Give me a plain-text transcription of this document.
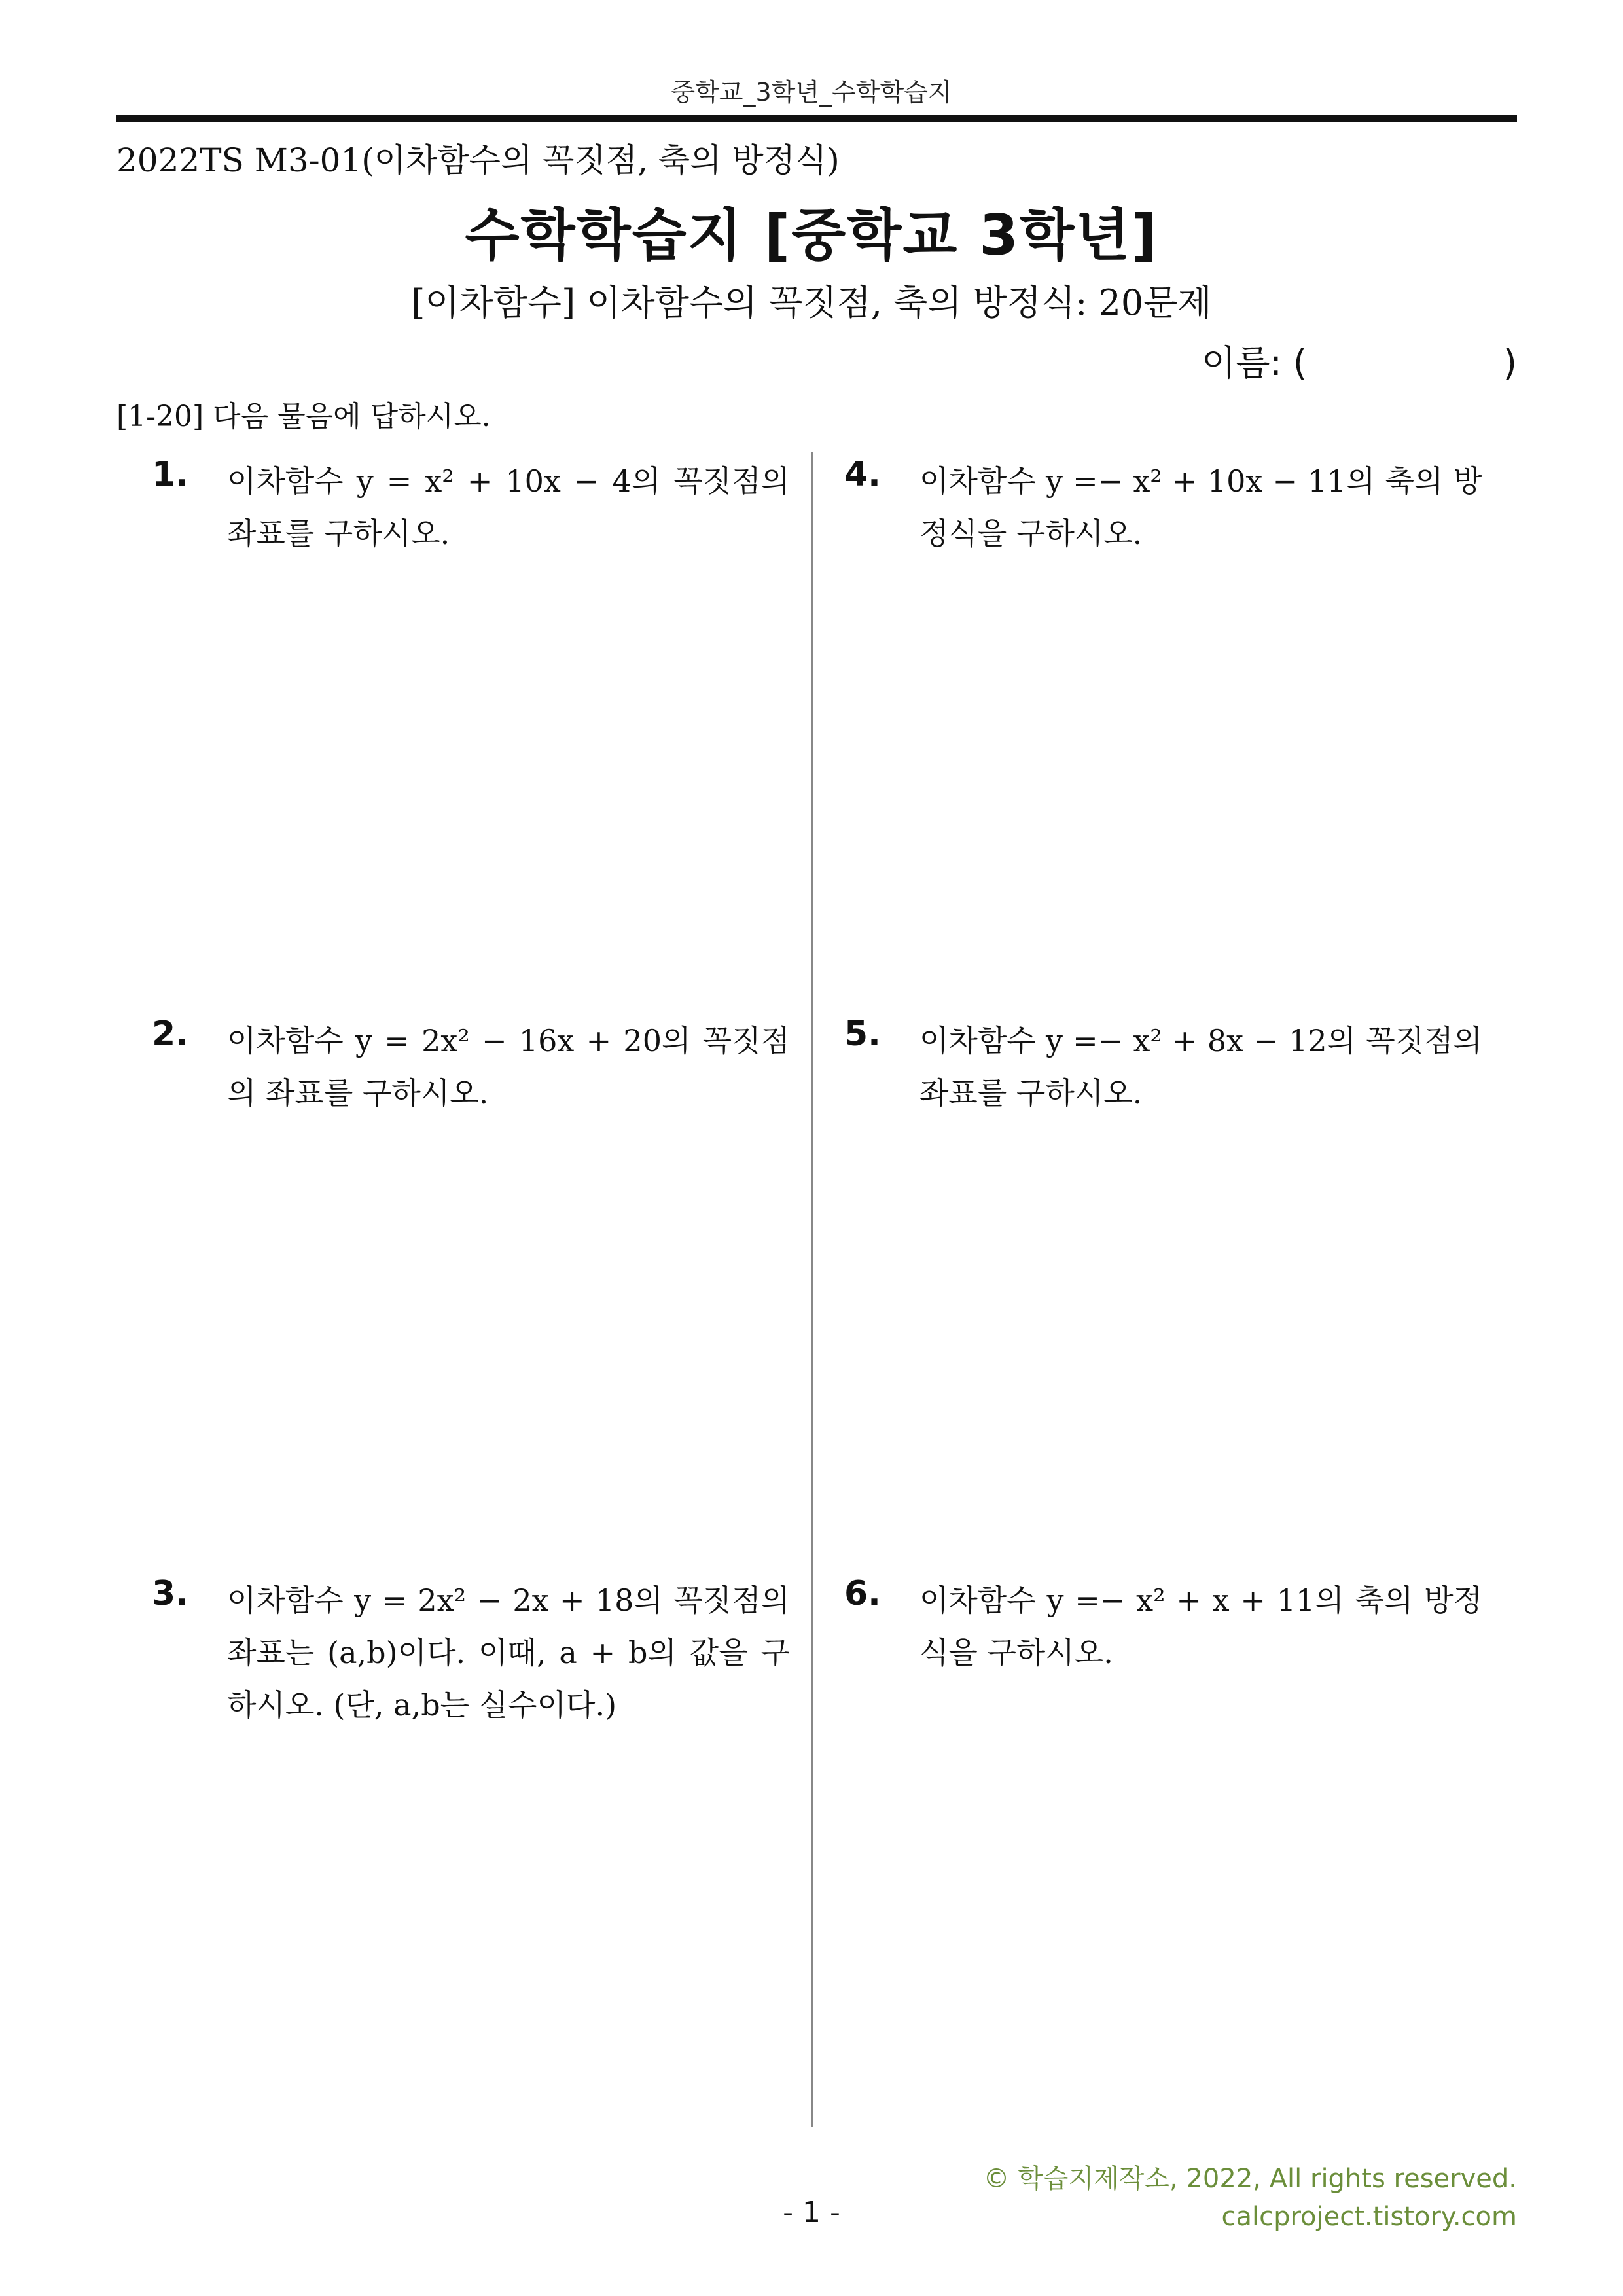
중학교_3학년_수학학습지
2022TS M3-01(이차함수의 꼭짓점, 축의 방정식)
수학학습지 [중학교 3학년]
[이차함수] 이차함수의 꼭짓점, 축의 방정식: 20문제
이름: (	)
[1-20] 다음 물음에 답하시오.
1. 이차함수 y = x² + 10x − 4의 꼭짓점의 좌표를 구하시오.
2. 이차함수 y = 2x² − 16x + 20의 꼭짓점의 좌표를 구하시오.
3. 이차함수 y = 2x² − 2x + 18의 꼭짓점의 좌표는 (a,b)이다. 이때, a + b의 값을 구하시오. (단, a,b는 실수이다.)
4. 이차함수 y =− x² + 10x − 11의 축의 방정식을 구하시오.
5. 이차함수 y =− x² + 8x − 12의 꼭짓점의 좌표를 구하시오.
6. 이차함수 y =− x² + x + 11의 축의 방정식을 구하시오.
© 학습지제작소, 2022, All rights reserved.
calcproject.tistory.com
- 1 -
